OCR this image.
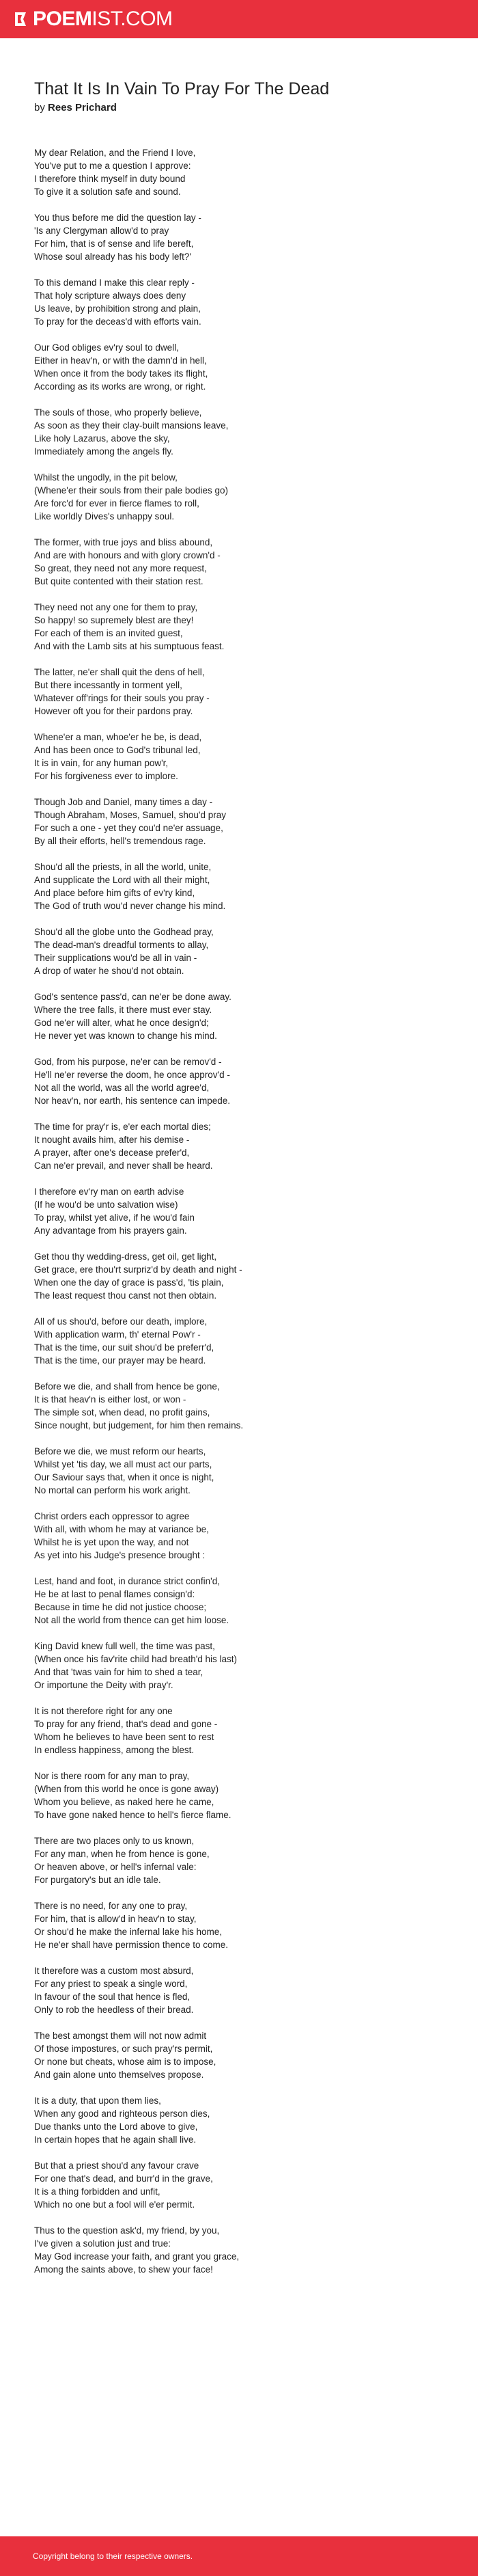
POEMIST.COM
That It Is In Vain To Pray For The Dead

by Rees Prichard

My dear Relation, and the Friend I love,
You've put to me a question I approve:
I therefore think myself in duty bound
To give it a solution safe and sound.

You thus before me did the question lay -
'Is any Clergyman allow'd to pray
For him, that is of sense and life bereft,
Whose soul already has his body left?'

To this demand I make this clear reply -
That holy scripture always does deny
Us leave, by prohibition strong and plain,
To pray for the deceas'd with efforts vain.

Our God obliges ev'ry soul to dwell,
Either in heav'n, or with the damn'd in hell,
When once it from the body takes its flight,
According as its works are wrong, or right.

The souls of those, who properly believe,
As soon as they their clay-built mansions leave,
Like holy Lazarus, above the sky,
Immediately among the angels fly.

Whilst the ungodly, in the pit below,
(Whene'er their souls from their pale bodies go)
Are forc'd for ever in fierce flames to roll,
Like worldly Dives's unhappy soul.

The former, with true joys and bliss abound,
And are with honours and with glory crown'd -
So great, they need not any more request,
But quite contented with their station rest.

They need not any one for them to pray,
So happy! so supremely blest are they!
For each of them is an invited guest,
And with the Lamb sits at his sumptuous feast.

The latter, ne'er shall quit the dens of hell,
But there incessantly in torment yell,
Whatever off'rings for their souls you pray -
However oft you for their pardons pray.

Whene'er a man, whoe'er he be, is dead,
And has been once to God's tribunal led,
It is in vain, for any human pow'r,
For his forgiveness ever to implore.

Though Job and Daniel, many times a day -
Though Abraham, Moses, Samuel, shou'd pray
For such a one - yet they cou'd ne'er assuage,
By all their efforts, hell's tremendous rage.

Shou'd all the priests, in all the world, unite,
And supplicate the Lord with all their might,
And place before him gifts of ev'ry kind,
The God of truth wou'd never change his mind.

Shou'd all the globe unto the Godhead pray,
The dead-man's dreadful torments to allay,
Their supplications wou'd be all in vain -
A drop of water he shou'd not obtain.

God's sentence pass'd, can ne'er be done away.
Where the tree falls, it there must ever stay.
God ne'er will alter, what he once design'd;
He never yet was known to change his mind.

God, from his purpose, ne'er can be remov'd -
He'll ne'er reverse the doom, he once approv'd -
Not all the world, was all the world agree'd,
Nor heav'n, nor earth, his sentence can impede.

The time for pray'r is, e'er each mortal dies;
It nought avails him, after his demise -
A prayer, after one's decease prefer'd,
Can ne'er prevail, and never shall be heard.

I therefore ev'ry man on earth advise
(If he wou'd be unto salvation wise)
To pray, whilst yet alive, if he wou'd fain
Any advantage from his prayers gain.

Get thou thy wedding-dress, get oil, get light,
Get grace, ere thou'rt surpriz'd by death and night -
When one the day of grace is pass'd, 'tis plain,
The least request thou canst not then obtain.

All of us shou'd, before our death, implore,
With application warm, th' eternal Pow'r -
That is the time, our suit shou'd be preferr'd,
That is the time, our prayer may be heard.

Before we die, and shall from hence be gone,
It is that heav'n is either lost, or won -
The simple sot, when dead, no profit gains,
Since nought, but judgement, for him then remains.

Before we die, we must reform our hearts,
Whilst yet 'tis day, we all must act our parts,
Our Saviour says that, when it once is night,
No mortal can perform his work aright.

Christ orders each oppressor to agree
With all, with whom he may at variance be,
Whilst he is yet upon the way, and not
As yet into his Judge's presence brought :

Lest, hand and foot, in durance strict confin'd,
He be at last to penal flames consign'd:
Because in time he did not justice choose;
Not all the world from thence can get him loose.

King David knew full well, the time was past,
(When once his fav'rite child had breath'd his last)
And that 'twas vain for him to shed a tear,
Or importune the Deity with pray'r.

It is not therefore right for any one
To pray for any friend, that's dead and gone -
Whom he believes to have been sent to rest
In endless happiness, among the blest.

Nor is there room for any man to pray,
(When from this world he once is gone away)
Whom you believe, as naked here he came,
To have gone naked hence to hell's fierce flame.

There are two places only to us known,
For any man, when he from hence is gone,
Or heaven above, or hell's infernal vale:
For purgatory's but an idle tale.

There is no need, for any one to pray,
For him, that is allow'd in heav'n to stay,
Or shou'd he make the infernal lake his home,
He ne'er shall have permission thence to come.

It therefore was a custom most absurd,
For any priest to speak a single word,
In favour of the soul that hence is fled,
Only to rob the heedless of their bread.

The best amongst them will not now admit
Of those impostures, or such pray'rs permit,
Or none but cheats, whose aim is to impose,
And gain alone unto themselves propose.

It is a duty, that upon them lies,
When any good and righteous person dies,
Due thanks unto the Lord above to give,
In certain hopes that he again shall live.

But that a priest shou'd any favour crave
For one that's dead, and burr'd in the grave,
It is a thing forbidden and unfit,
Which no one but a fool will e'er permit.

Thus to the question ask'd, my friend, by you,
I've given a solution just and true:
May God increase your faith, and grant you grace,
Among the saints above, to shew your face!

Copyright belong to their respective owners.
